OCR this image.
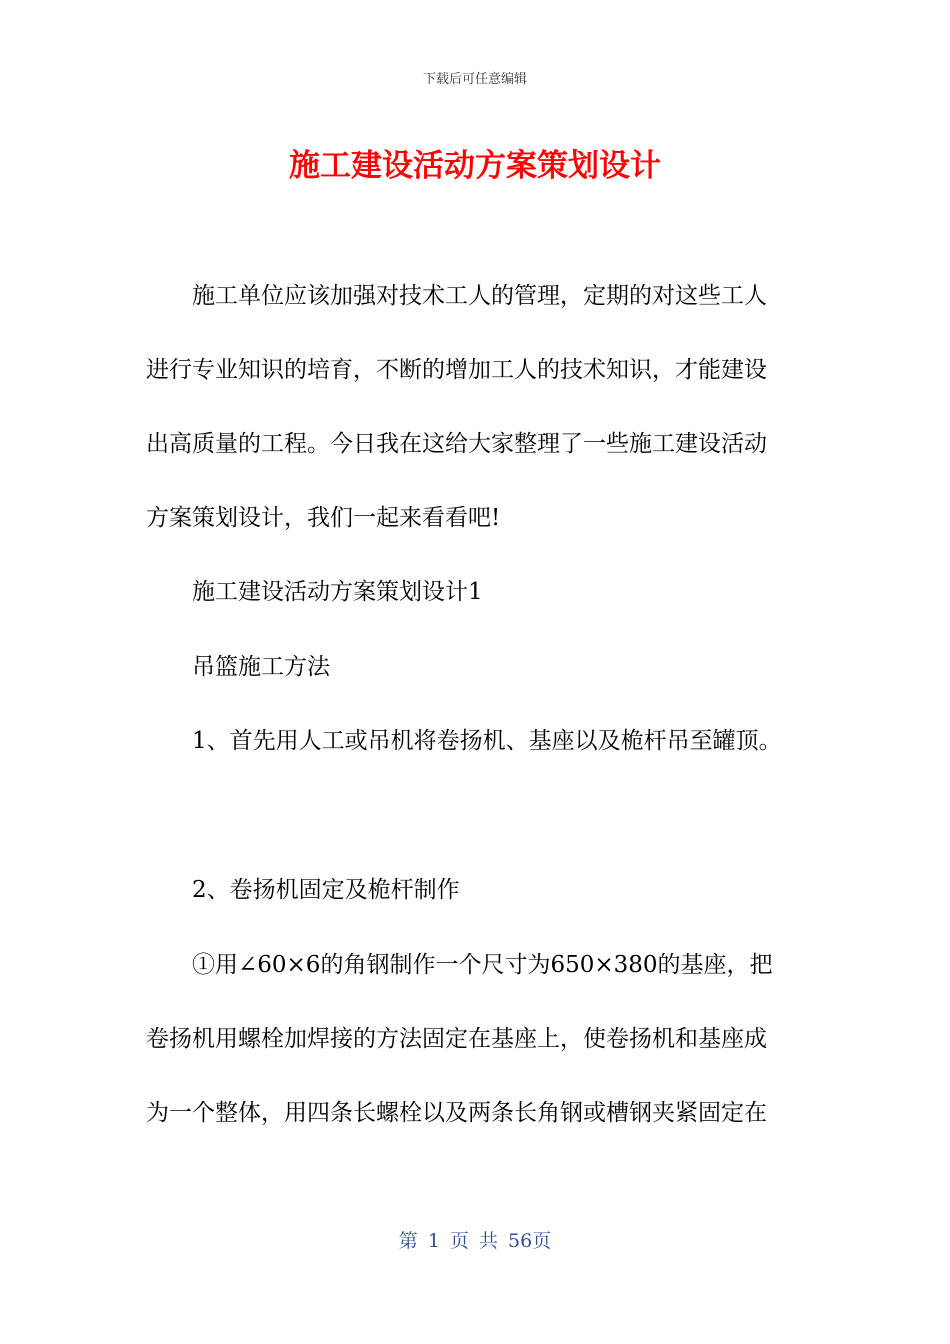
下载后可任意编辑
施工建设活动方案策划设计
施工单位应该加强对技术工人的管理，定期的对这些工人
进行专业知识的培育，不断的增加工人的技术知识，才能建设
出高质量的工程。今日我在这给大家整理了一些施工建设活动
方案策划设计，我们一起来看看吧!
施工建设活动方案策划设计1
吊篮施工方法
1、首先用人工或吊机将卷扬机、基座以及桅杆吊至罐顶。
2、卷扬机固定及桅杆制作
①用∠60×6的角钢制作一个尺寸为650×380的基座，把
卷扬机用螺栓加焊接的方法固定在基座上，使卷扬机和基座成
为一个整体，用四条长螺栓以及两条长角钢或槽钢夹紧固定在
第 1 页 共 56页
